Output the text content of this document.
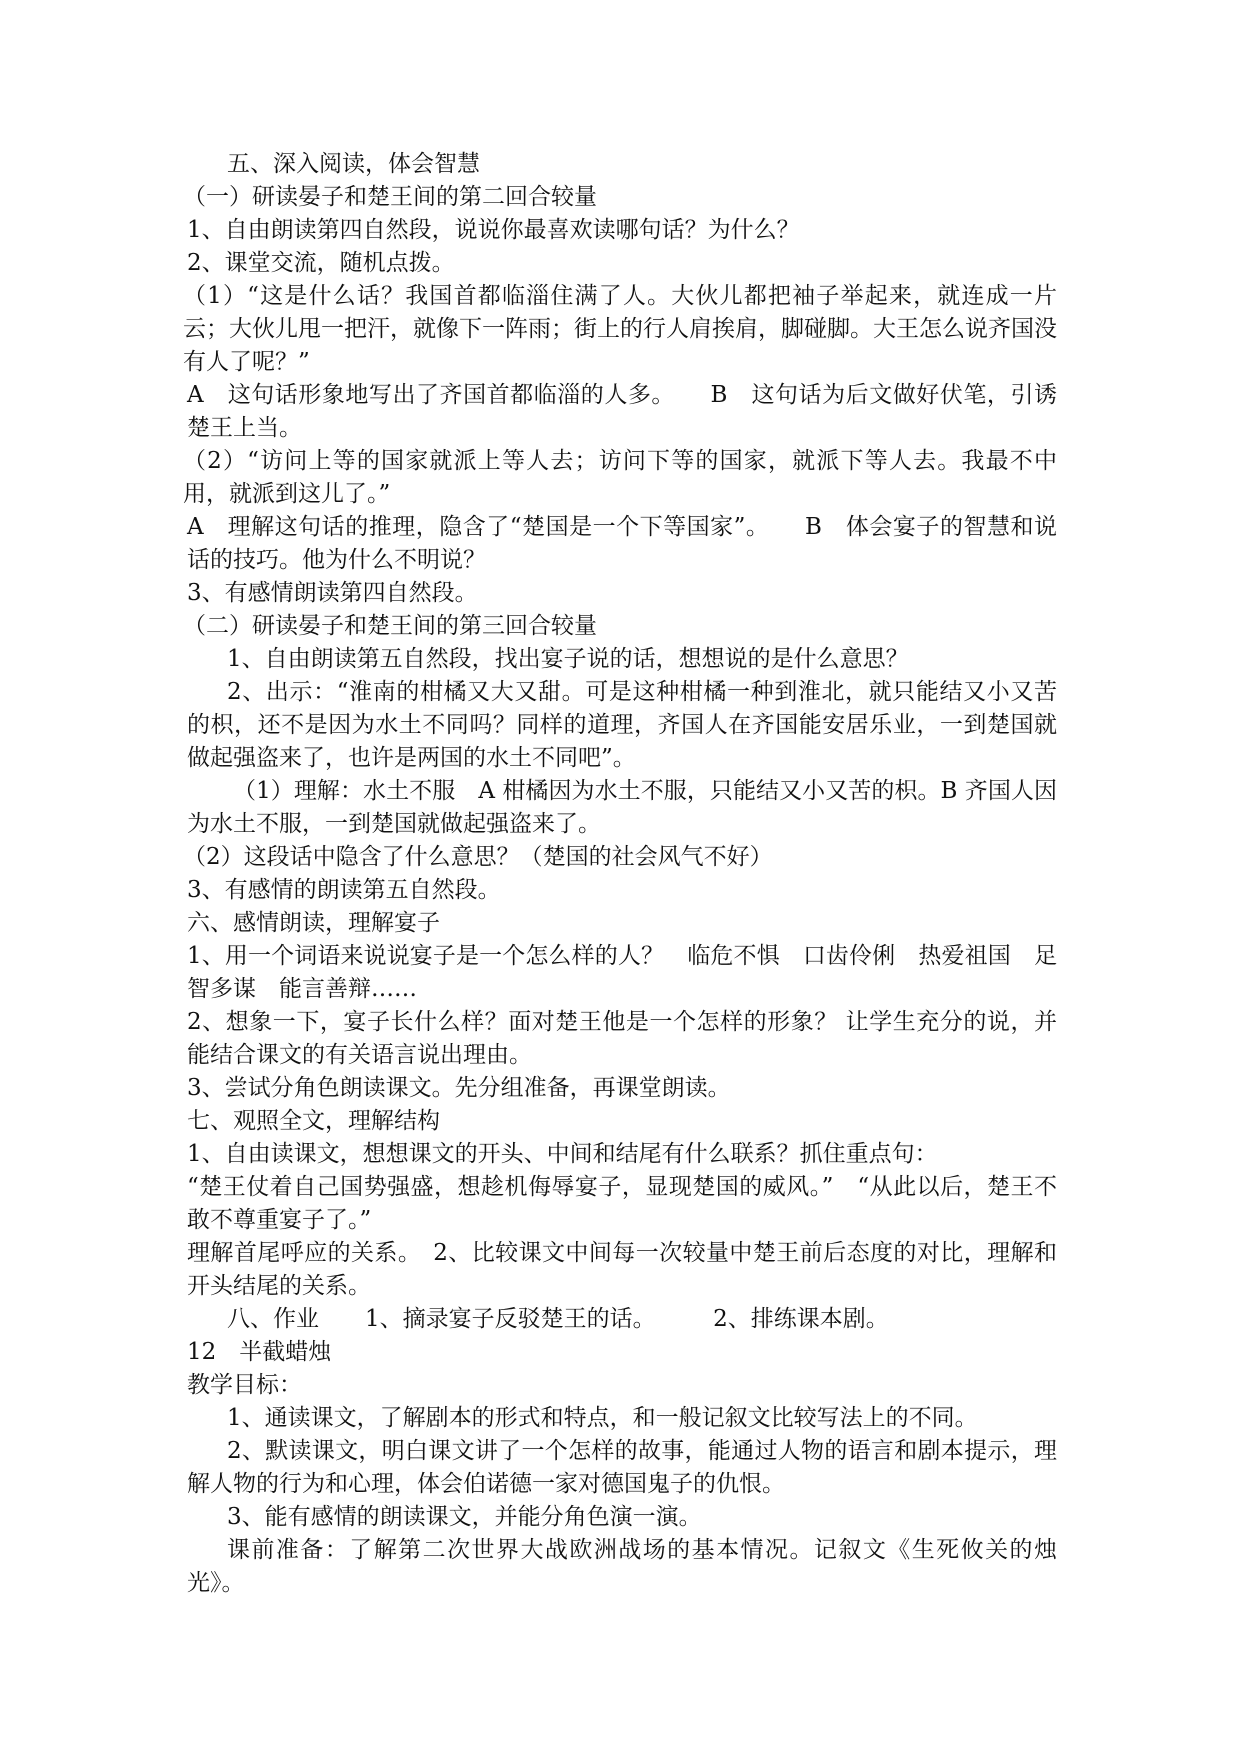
五、深入阅读，体会智慧

（一）研读晏子和楚王间的第二回合较量

1、自由朗读第四自然段，说说你最喜欢读哪句话？为什么？

2、课堂交流，随机点拨。

（1）“这是什么话？我国首都临淄住满了人。大伙儿都把袖子举起来，就连成一片云；大伙儿甩一把汗，就像下一阵雨；街上的行人肩挨肩，脚碰脚。大王怎么说齐国没有人了呢？”

A　这句话形象地写出了齐国首都临淄的人多。　　B　这句话为后文做好伏笔，引诱楚王上当。

（2）“访问上等的国家就派上等人去；访问下等的国家，就派下等人去。我最不中用，就派到这儿了。”

A　理解这句话的推理，隐含了“楚国是一个下等国家”。　　B　体会宴子的智慧和说话的技巧。他为什么不明说？

3、有感情朗读第四自然段。

（二）研读晏子和楚王间的第三回合较量

1、自由朗读第五自然段，找出宴子说的话，想想说的是什么意思？

2、出示：“淮南的柑橘又大又甜。可是这种柑橘一种到淮北，就只能结又小又苦的枳，还不是因为水土不同吗？同样的道理，齐国人在齐国能安居乐业，一到楚国就做起强盗来了，也许是两国的水土不同吧”。

（1）理解：水土不服　A 柑橘因为水土不服，只能结又小又苦的枳。B 齐国人因为水土不服，一到楚国就做起强盗来了。

（2）这段话中隐含了什么意思？（楚国的社会风气不好）

3、有感情的朗读第五自然段。

六、感情朗读，理解宴子

1、用一个词语来说说宴子是一个怎么样的人？　临危不惧　口齿伶俐　热爱祖国　足智多谋　能言善辩……

2、想象一下，宴子长什么样？面对楚王他是一个怎样的形象？ 让学生充分的说，并能结合课文的有关语言说出理由。

3、尝试分角色朗读课文。先分组准备，再课堂朗读。

七、观照全文，理解结构

1、自由读课文，想想课文的开头、中间和结尾有什么联系？抓住重点句：

“楚王仗着自己国势强盛，想趁机侮辱宴子，显现楚国的威风。”　“从此以后，楚王不敢不尊重宴子了。”

理解首尾呼应的关系。　2、比较课文中间每一次较量中楚王前后态度的对比，理解和开头结尾的关系。

八、作业　　1、摘录宴子反驳楚王的话。　　　2、排练课本剧。

12　半截蜡烛

教学目标：

1、通读课文，了解剧本的形式和特点，和一般记叙文比较写法上的不同。

2、默读课文，明白课文讲了一个怎样的故事，能通过人物的语言和剧本提示，理解人物的行为和心理，体会伯诺德一家对德国鬼子的仇恨。

3、能有感情的朗读课文，并能分角色演一演。

课前准备：了解第二次世界大战欧洲战场的基本情况。记叙文《生死攸关的烛光》。
